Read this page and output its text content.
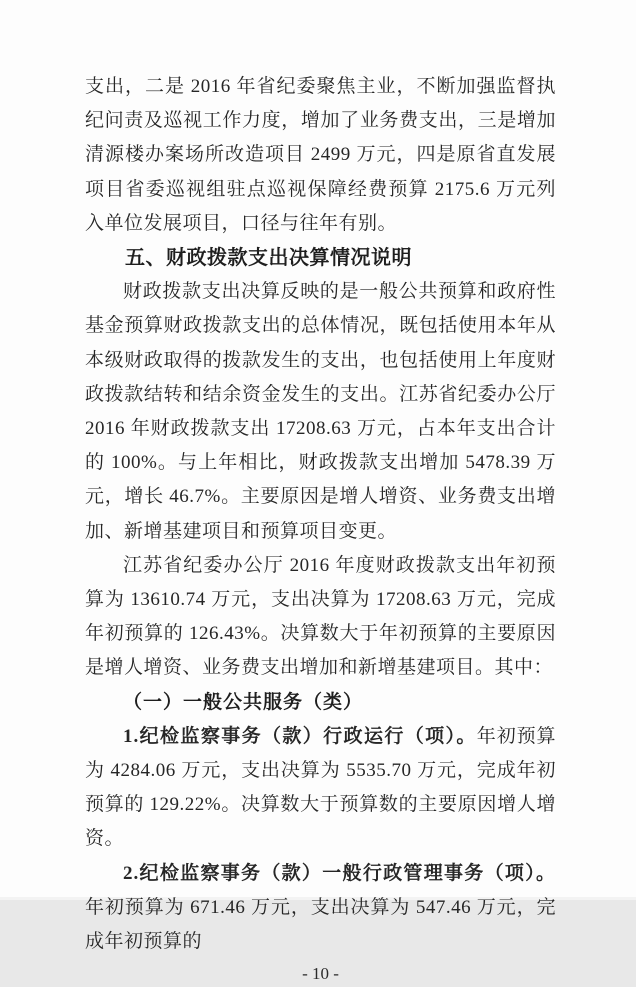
支出，二是 2016 年省纪委聚焦主业，不断加强监督执纪问责及巡视工作力度，增加了业务费支出，三是增加清源楼办案场所改造项目 2499 万元，四是原省直发展项目省委巡视组驻点巡视保障经费预算 2175.6 万元列入单位发展项目，口径与往年有别。

五、财政拨款支出决算情况说明

财政拨款支出决算反映的是一般公共预算和政府性基金预算财政拨款支出的总体情况，既包括使用本年从本级财政取得的拨款发生的支出，也包括使用上年度财政拨款结转和结余资金发生的支出。江苏省纪委办公厅 2016 年财政拨款支出 17208.63 万元，占本年支出合计的 100%。与上年相比，财政拨款支出增加 5478.39 万元，增长 46.7%。主要原因是增人增资、业务费支出增加、新增基建项目和预算项目变更。

江苏省纪委办公厅 2016 年度财政拨款支出年初预算为 13610.74 万元，支出决算为 17208.63 万元，完成年初预算的 126.43%。决算数大于年初预算的主要原因是增人增资、业务费支出增加和新增基建项目。其中：

（一）一般公共服务（类）

1.纪检监察事务（款）行政运行（项）。年初预算为 4284.06 万元，支出决算为 5535.70 万元，完成年初预算的 129.22%。决算数大于预算数的主要原因增人增资。

2.纪检监察事务（款）一般行政管理事务（项）。年初预算为 671.46 万元，支出决算为 547.46 万元，完成年初预算的

- 10 -
